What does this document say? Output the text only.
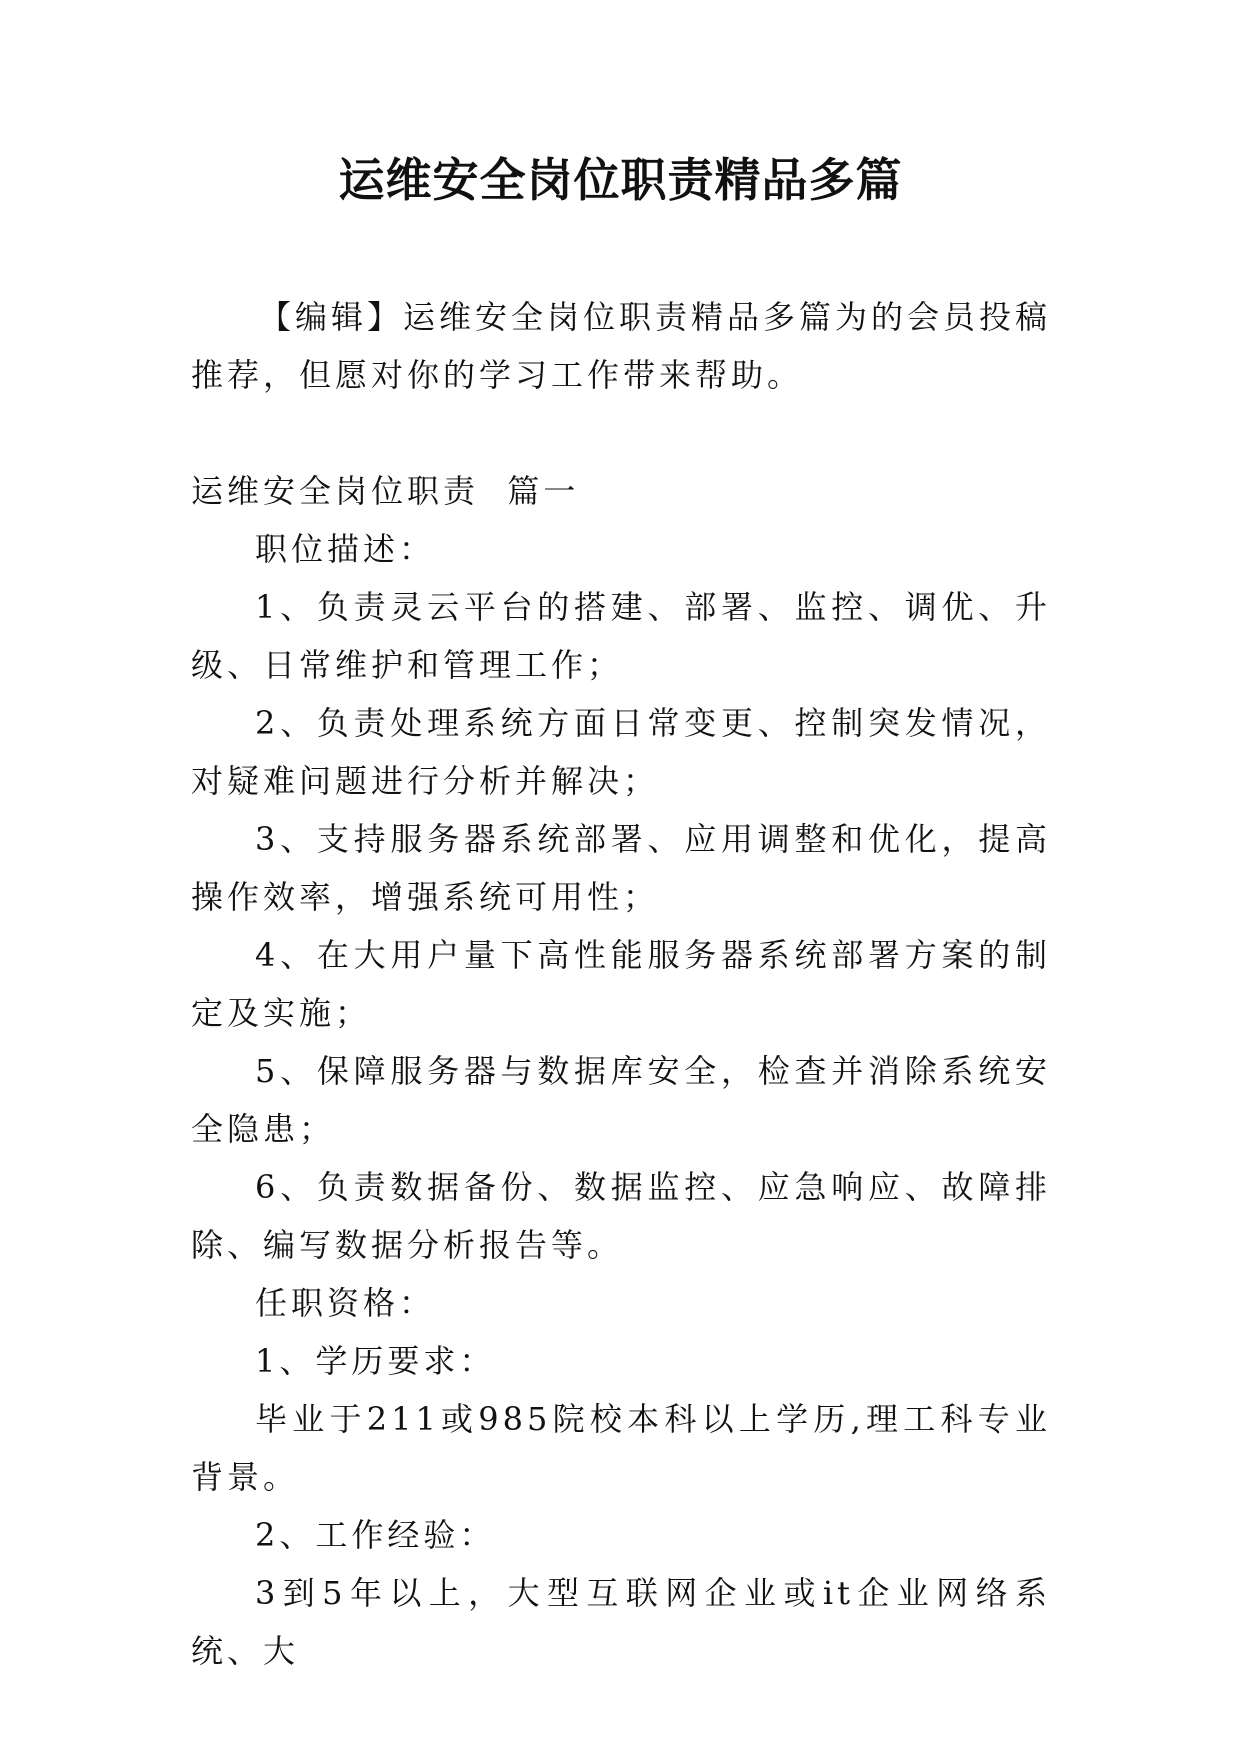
运维安全岗位职责精品多篇
【编辑】运维安全岗位职责精品多篇为的会员投稿推荐，但愿对你的学习工作带来帮助。

运维安全岗位职责  篇一

职位描述：

1、负责灵云平台的搭建、部署、监控、调优、升级、日常维护和管理工作；

2、负责处理系统方面日常变更、控制突发情况，对疑难问题进行分析并解决；

3、支持服务器系统部署、应用调整和优化，提高操作效率，增强系统可用性；

4、在大用户量下高性能服务器系统部署方案的制定及实施；

5、保障服务器与数据库安全，检查并消除系统安全隐患；

6、负责数据备份、数据监控、应急响应、故障排除、编写数据分析报告等。

任职资格：

1、学历要求：

毕业于211或985院校本科以上学历,理工科专业背景。

2、工作经验：

3到5年以上，大型互联网企业或it企业网络系统、大
